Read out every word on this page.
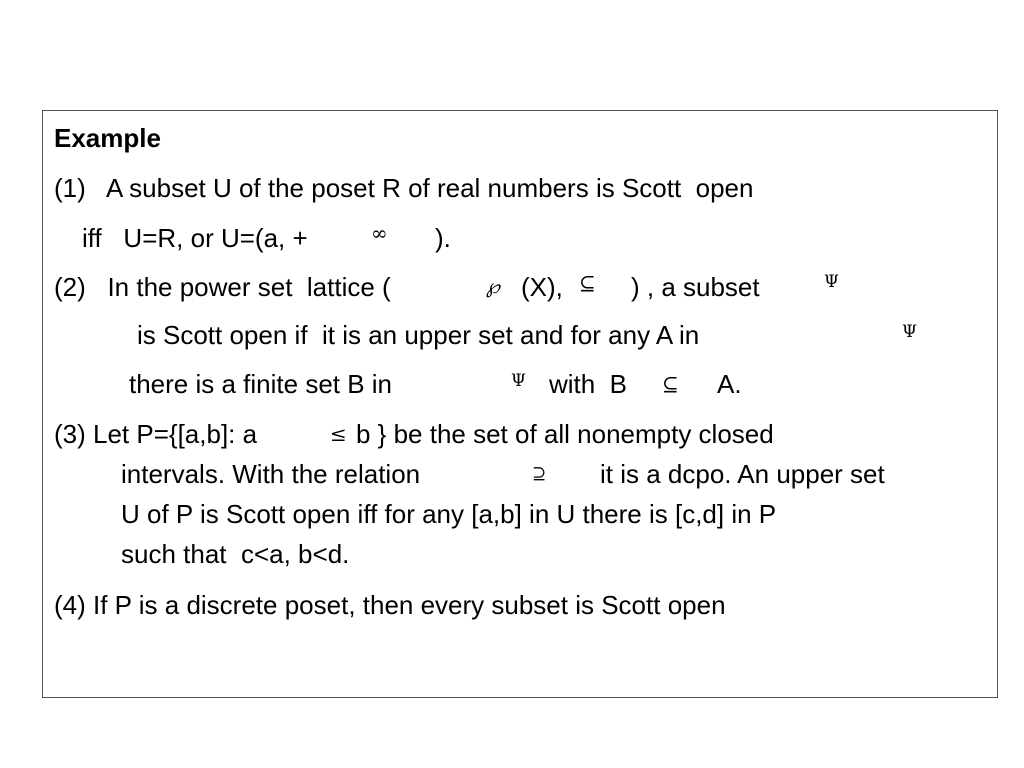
Example
(1)   A subset U of the poset R of real numbers is Scott  open
iff   U=R, or U=(a, +	∞ ).
(2)   In the power set  lattice (	℘ (X), ⊆ ) , a subset	Ψ
is Scott open if  it is an upper set and for any A in	Ψ
there is a finite set B in	Ψ with  B ⊆ A.
(3) Let P={[a,b]: a	≤ b } be the set of all nonempty closed
intervals. With the relation	⊇ it is a dcpo. An upper set
U of P is Scott open iff for any [a,b] in U there is [c,d] in P
such that  c<a, b<d.
(4) If P is a discrete poset, then every subset is Scott open
